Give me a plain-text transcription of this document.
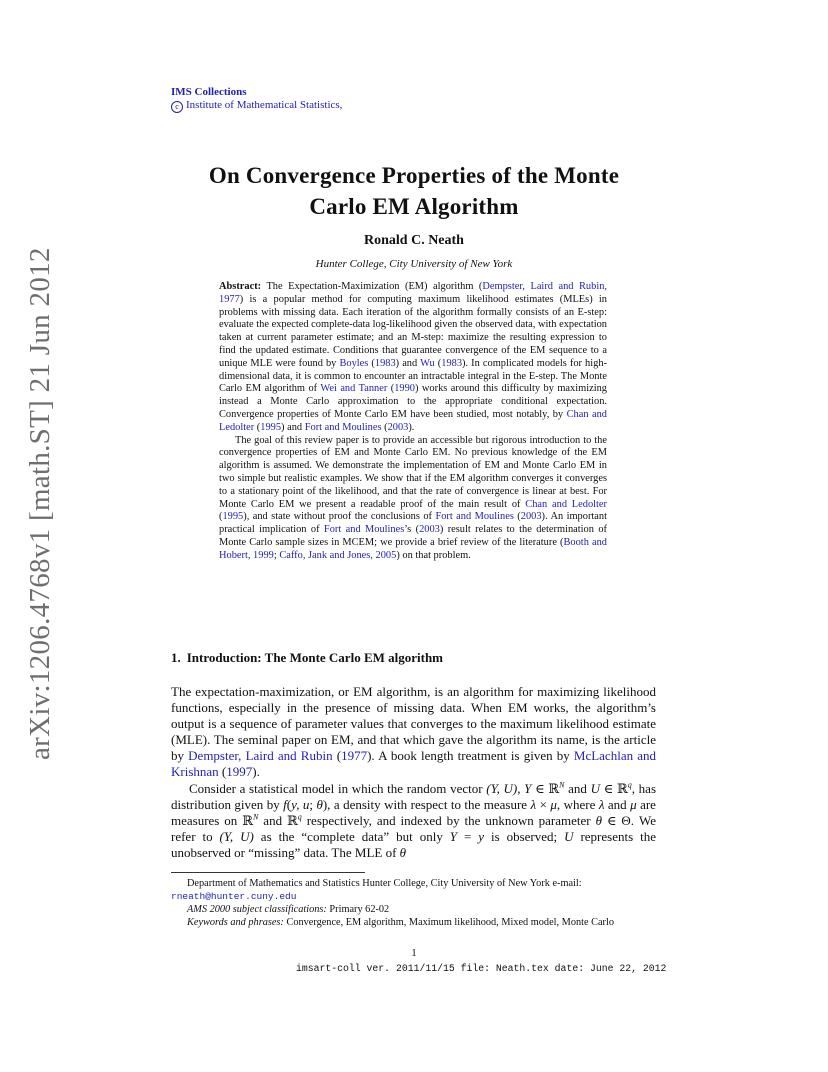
arXiv:1206.4768v1 [math.ST] 21 Jun 2012
IMS Collections
c Institute of Mathematical Statistics,
On Convergence Properties of the Monte
Carlo EM Algorithm
Ronald C. Neath
Hunter College, City University of New York

Abstract: The Expectation-Maximization (EM) algorithm (Dempster, Laird and Rubin, 1977) is a popular method for computing maximum likelihood estimates (MLEs) in problems with missing data. Each iteration of the algorithm formally consists of an E-step: evaluate the expected complete-data log-likelihood given the observed data, with expectation taken at current parameter estimate; and an M-step: maximize the resulting expression to find the updated estimate. Conditions that guarantee convergence of the EM sequence to a unique MLE were found by Boyles (1983) and Wu (1983). In complicated models for high-dimensional data, it is common to encounter an intractable integral in the E-step. The Monte Carlo EM algorithm of Wei and Tanner (1990) works around this difficulty by maximizing instead a Monte Carlo approximation to the appropriate conditional expectation. Convergence properties of Monte Carlo EM have been studied, most notably, by Chan and Ledolter (1995) and Fort and Moulines (2003).

The goal of this review paper is to provide an accessible but rigorous introduction to the convergence properties of EM and Monte Carlo EM. No previous knowledge of the EM algorithm is assumed. We demonstrate the implementation of EM and Monte Carlo EM in two simple but realistic examples. We show that if the EM algorithm converges it converges to a stationary point of the likelihood, and that the rate of convergence is linear at best. For Monte Carlo EM we present a readable proof of the main result of Chan and Ledolter (1995), and state without proof the conclusions of Fort and Moulines (2003). An important practical implication of Fort and Moulines’s (2003) result relates to the determination of Monte Carlo sample sizes in MCEM; we provide a brief review of the literature (Booth and Hobert, 1999; Caffo, Jank and Jones, 2005) on that problem.

1. Introduction: The Monte Carlo EM algorithm

The expectation-maximization, or EM algorithm, is an algorithm for maximizing likelihood functions, especially in the presence of missing data. When EM works, the algorithm’s output is a sequence of parameter values that converges to the maximum likelihood estimate (MLE). The seminal paper on EM, and that which gave the algorithm its name, is the article by Dempster, Laird and Rubin (1977). A book length treatment is given by McLachlan and Krishnan (1997).

Consider a statistical model in which the random vector (Y, U), Y ∈ ℝ$^N$ and U ∈ ℝ$^q$, has distribution given by f(y, u; θ), a density with respect to the measure λ × μ, where λ and μ are measures on ℝ$^N$ and ℝ$^q$ respectively, and indexed by the unknown parameter θ ∈ Θ. We refer to (Y, U) as the “complete data” but only Y = y is observed; U represents the unobserved or “missing” data. The MLE of θ

Department of Mathematics and Statistics Hunter College, City University of New York e-mail:

rneath@hunter.cuny.edu

AMS 2000 subject classifications: Primary 62-02

Keywords and phrases: Convergence, EM algorithm, Maximum likelihood, Mixed model, Monte Carlo

1
imsart-coll ver. 2011/11/15 file: Neath.tex date: June 22, 2012
